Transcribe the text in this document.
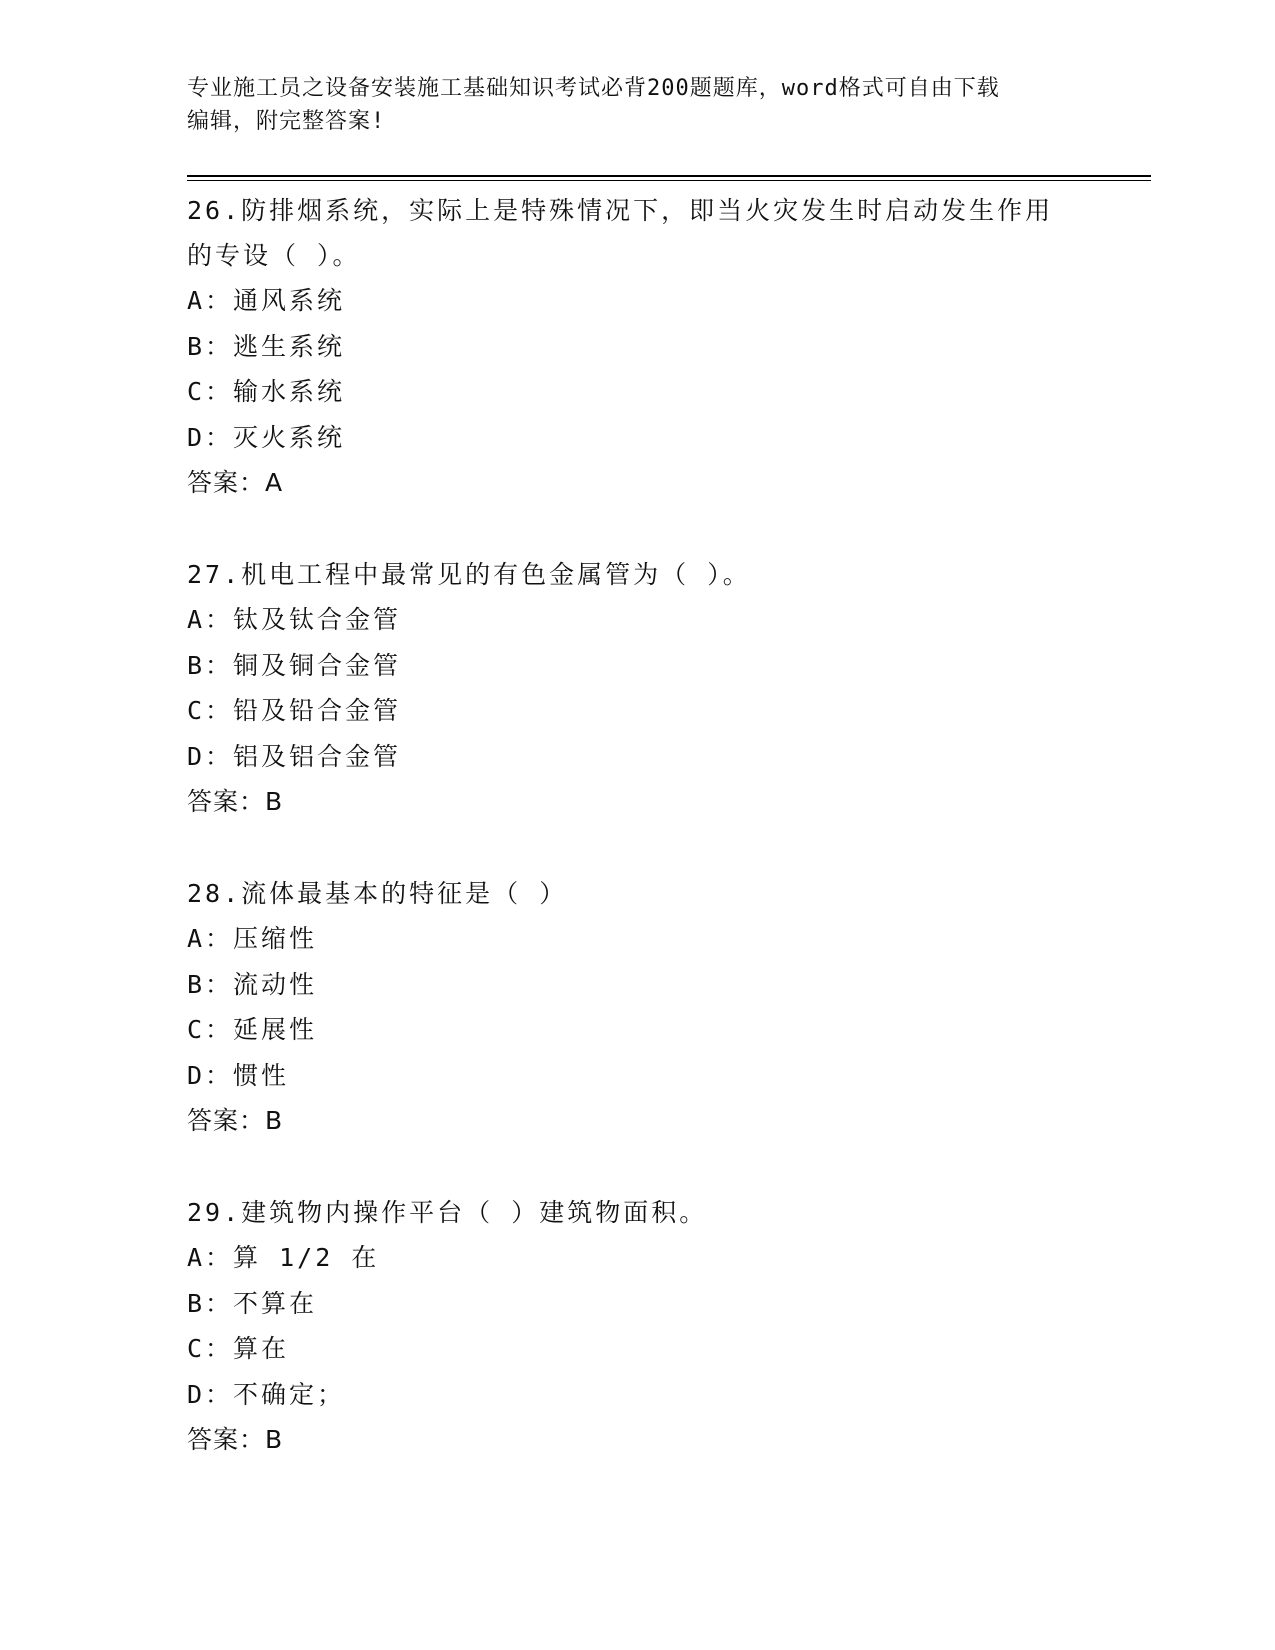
专业施工员之设备安装施工基础知识考试必背200题题库，word格式可自由下载
编辑，附完整答案!
26.防排烟系统，实际上是特殊情况下，即当火灾发生时启动发生作用
的专设（ ）。
A：通风系统
B：逃生系统
C：输水系统
D：灭火系统
答案：A
27.机电工程中最常见的有色金属管为（ ）。
A：钛及钛合金管
B：铜及铜合金管
C：铅及铅合金管
D：铝及铝合金管
答案：B
28.流体最基本的特征是（ ）
A：压缩性
B：流动性
C：延展性
D：惯性
答案：B
29.建筑物内操作平台（ ）建筑物面积。
A：算 1/2 在
B：不算在
C：算在
D：不确定；
答案：B
